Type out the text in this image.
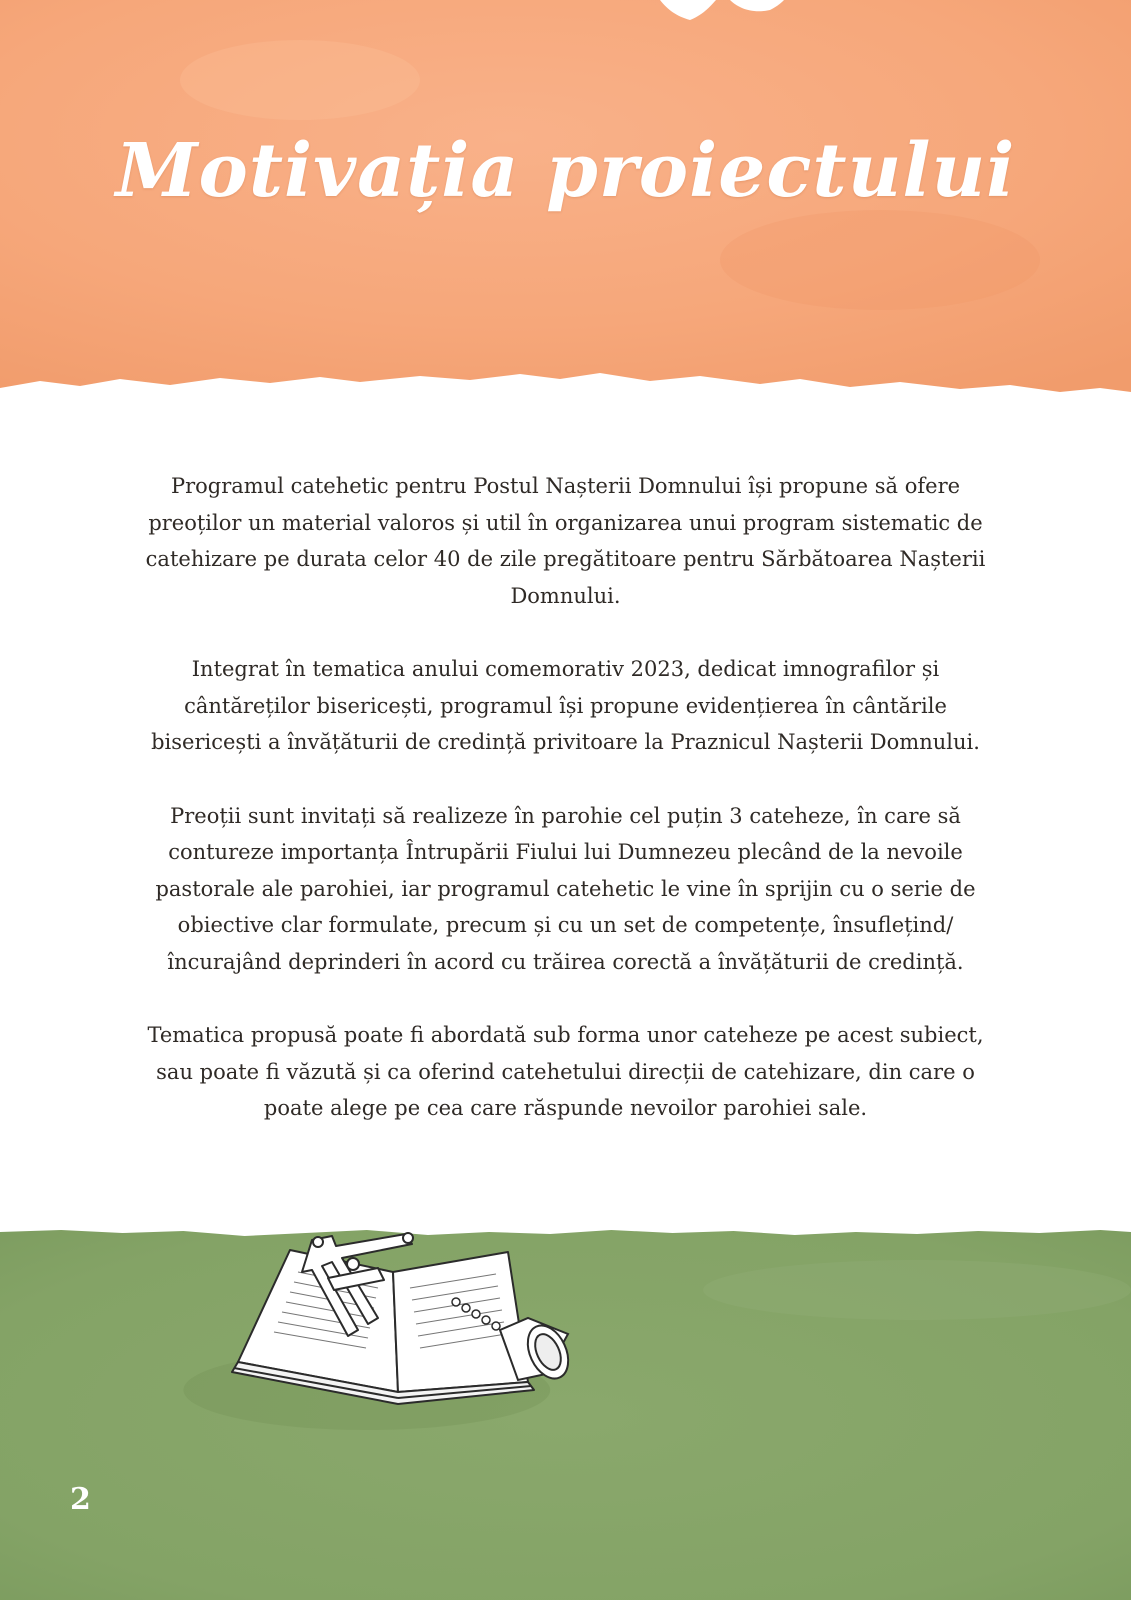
Motivația proiectului

Programul catehetic pentru Postul Nașterii Domnului își propune să ofere preoților un material valoros și util în organizarea unui program sistematic de catehizare pe durata celor 40 de zile pregătitoare pentru Sărbătoarea Nașterii Domnului.

Integrat în tematica anului comemorativ 2023, dedicat imnografilor și cântăreților bisericești, programul își propune evidențierea în cântările bisericești a învățăturii de credință privitoare la Praznicul Nașterii Domnului.

Preoții sunt invitați să realizeze în parohie cel puțin 3 cateheze, în care să contureze importanța Întrupării Fiului lui Dumnezeu plecând de la nevoile pastorale ale parohiei, iar programul catehetic le vine în sprijin cu o serie de obiective clar formulate, precum și cu un set de competențe, însuflețind/ încurajând deprinderi în acord cu trăirea corectă a învățăturii de credință.

Tematica propusă poate fi abordată sub forma unor cateheze pe acest subiect, sau poate fi văzută și ca oferind catehetului direcții de catehizare, din care o poate alege pe cea care răspunde nevoilor parohiei sale.

2
